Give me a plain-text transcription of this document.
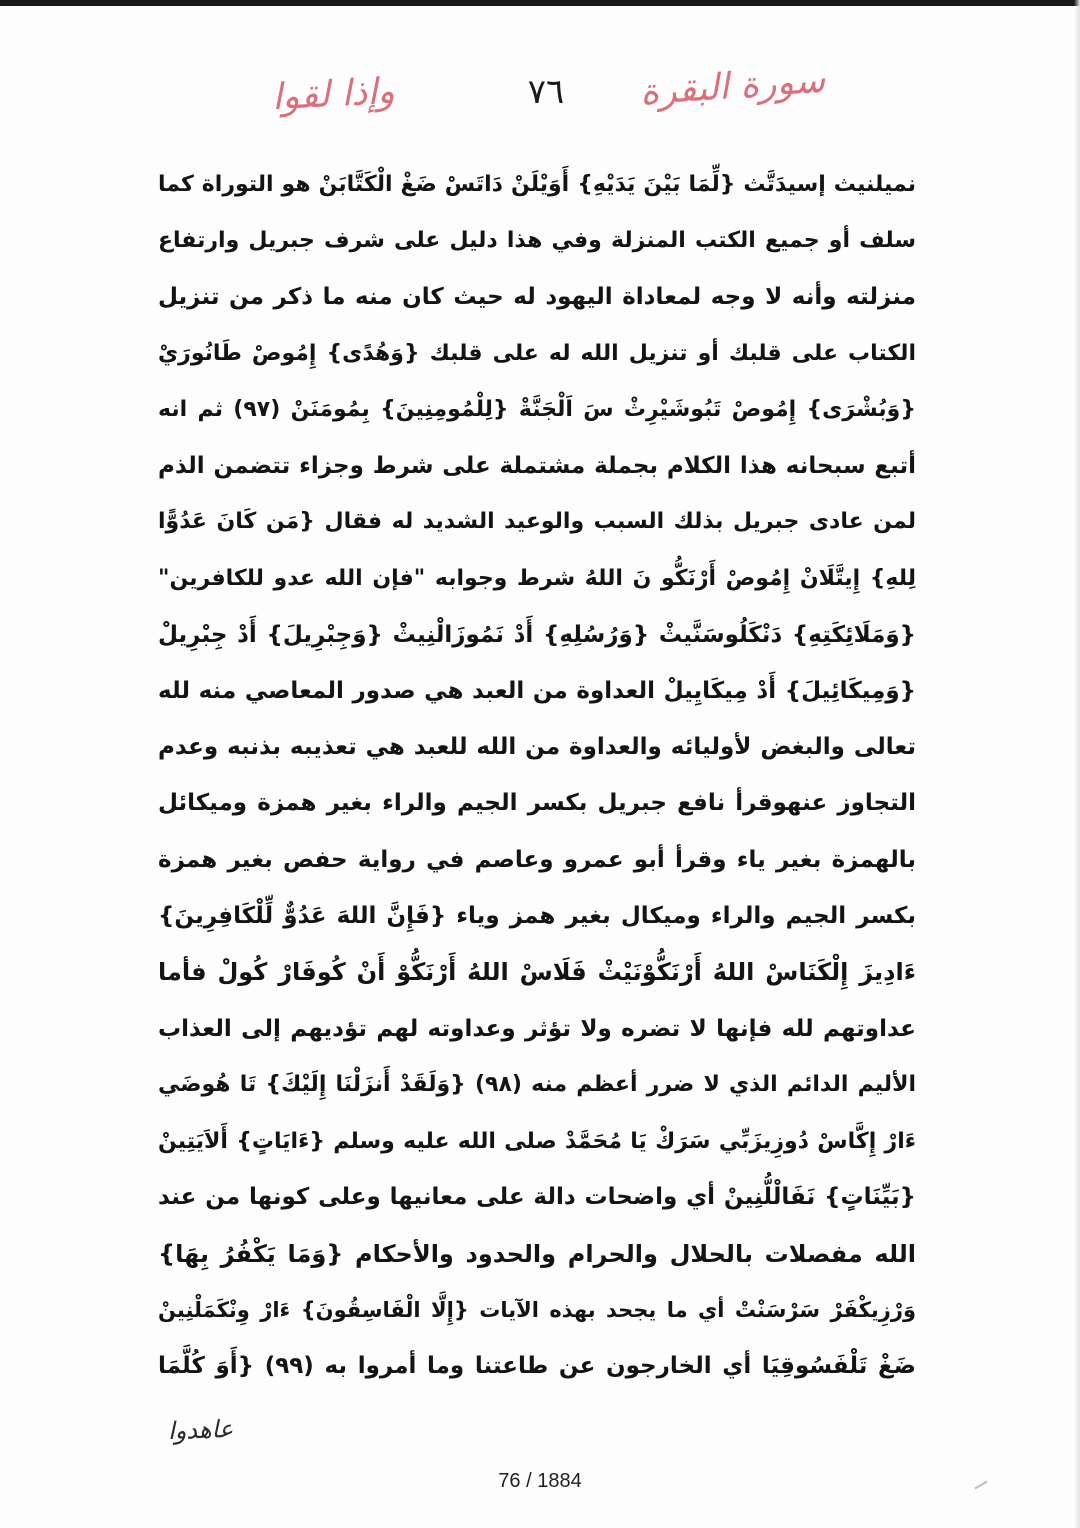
وإذا لقوا	٧٦	سورة البقرة
نميلنيث إسيدَتَّث {لِّمَا بَيْنَ يَدَيْهِ} أَوَيْلَنْ دَاتَسْ ضَغْ الْكَتَّابَنْ هو التوراة كما
سلف أو جميع الكتب المنزلة وفي هذا دليل على شرف جبريل وارتفاع
منزلته وأنه لا وجه لمعاداة اليهود له حيث كان منه ما ذكر من تنزيل
الكتاب على قلبك أو تنزيل الله له على قلبك {وَهُدًى} إِمُوصْ طَانُورَيْ
{وَبُشْرَى} إِمُوصْ تَبُوشَيْرِثْ سَ اَلْجَنَّةْ {لِلْمُومِنِينَ} بِمُومَنَنْ (٩٧) ثم انه
أتبع سبحانه هذا الكلام بجملة مشتملة على شرط وجزاء تتضمن الذم
لمن عادى جبريل بذلك السبب والوعيد الشديد له فقال {مَن كَانَ عَدُوًّا
لِلهِ} إِيتَّلَانْ إِمُوصْ أَرْنَكُّو نَ اللهُ شرط وجوابه "فإن الله عدو للكافرين"
{وَمَلَائِكَتِهِ} دَنْكَلُوسَنَّيثْ {وَرُسُلِهِ} أَدْ نَمُوزَالْنِيثْ {وَجِبْرِيلَ} أَدْ جِبْرِيلْ
{وَمِيكَائِيلَ} أَدْ مِيكَايِيلْ العداوة من العبد هي صدور المعاصي منه لله
تعالى والبغض لأوليائه والعداوة من الله للعبد هي تعذيبه بذنبه وعدم
التجاوز عنهوقرأ نافع جبريل بكسر الجيم والراء بغير همزة وميكائل
بالهمزة بغير ياء وقرأ أبو عمرو وعاصم في رواية حفص بغير همزة
بكسر الجيم والراء وميكال بغير همز وياء {فَإِنَّ اللهَ عَدُوٌّ لِّلْكَافِرِينَ}
ءَادِيزَ إِلْكَنَاسْ اللهُ أَرْنَكُّوْنَيْثْ فَلَاسْ اللهُ أَرْنَكُّوْ أَنْ كُوفَارْ كُولْ فأما
عداوتهم لله فإنها لا تضره ولا تؤثر وعداوته لهم تؤديهم إلى العذاب
الأليم الدائم الذي لا ضرر أعظم منه (٩٨) {وَلَقَدْ أَنزَلْنَا إِلَيْكَ} تَا هُوضَي
ءَارْ إِكَّاسْ دُوزِيزَبِّي سَرَكْ يَا مُحَمَّدْ صلى الله عليه وسلم {ءَايَاتٍ} أَلاَيَتِينْ
{بَيِّنَاتٍ} نَفَالْلُّنِينْ أي واضحات دالة على معانيها وعلى كونها من عند
الله مفصلات بالحلال والحرام والحدود والأحكام {وَمَا يَكْفُرُ بِهَا}
وَرْزِيكْفَرْ سَرْسَنْتْ أي ما يجحد بهذه الآيات {إِلَّا الْفَاسِقُونَ} ءَارْ وِنْكَمَلْنِينْ
ضَغْ تَلْفَسُوقِيَا أي الخارجون عن طاعتنا وما أمروا به (٩٩) {أَوَ كُلَّمَا
عاهدوا
76 / 1884
